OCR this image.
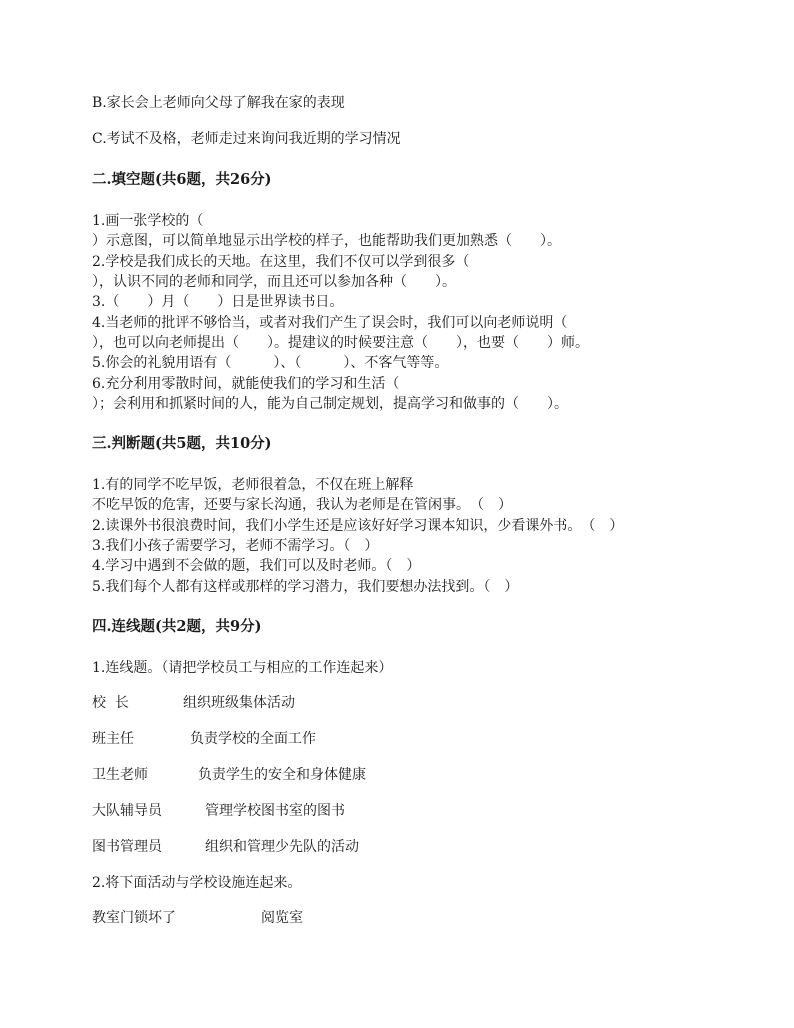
B.家长会上老师向父母了解我在家的表现
C.考试不及格，老师走过来询问我近期的学习情况
二.填空题(共6题，共26分)
1.画一张学校的（
）示意图，可以简单地显示出学校的样子，也能帮助我们更加熟悉（　　）。
2.学校是我们成长的天地。在这里，我们不仅可以学到很多（
），认识不同的老师和同学，而且还可以参加各种（　　）。
3.（　　）月（　　）日是世界读书日。
4.当老师的批评不够恰当，或者对我们产生了误会时，我们可以向老师说明（
），也可以向老师提出（　　）。提建议的时候要注意（　　），也要（　　）师。
5.你会的礼貌用语有（　　　）、（　　　）、不客气等等。
6.充分利用零散时间，就能使我们的学习和生活（
）；会利用和抓紧时间的人，能为自己制定规划，提高学习和做事的（　　）。
三.判断题(共5题，共10分)
1.有的同学不吃早饭，老师很着急，不仅在班上解释
不吃早饭的危害，还要与家长沟通，我认为老师是在管闲事。　（　）
2.读课外书很浪费时间，我们小学生还是应该好好学习课本知识，少看课外书。　（　）
3.我们小孩子需要学习，老师不需学习。（　）
4.学习中遇到不会做的题，我们可以及时老师。（　）
5.我们每个人都有这样或那样的学习潜力，我们要想办法找到。（　）
四.连线题(共2题，共9分)
1.连线题。（请把学校员工与相应的工作连起来）
校  长	组织班级集体活动
班主任	负责学校的全面工作
卫生老师	负责学生的安全和身体健康
大队辅导员	管理学校图书室的图书
图书管理员	组织和管理少先队的活动
2.将下面活动与学校设施连起来。
教室门锁坏了	阅览室
